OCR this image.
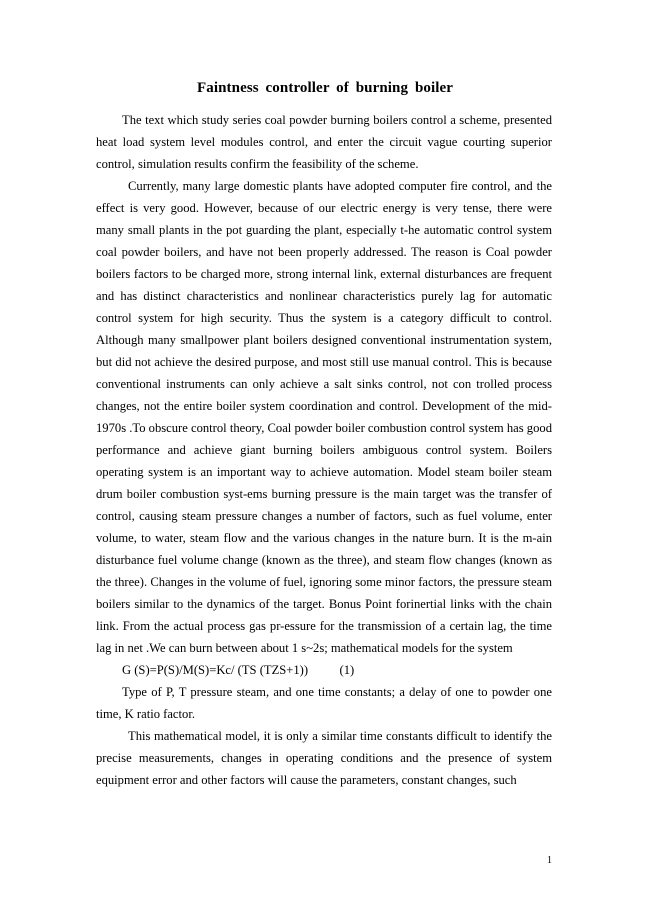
Faintness controller of burning boiler

The text which study series coal powder burning boilers control a scheme, presented heat load system level modules control, and enter the circuit vague courting superior control, simulation results confirm the feasibility of the scheme.

Currently, many large domestic plants have adopted computer fire control, and the effect is very good. However, because of our electric energy is very tense, there were many small plants in the pot guarding the plant, especially t-he automatic control system coal powder boilers, and have not been properly addressed. The reason is Coal powder boilers factors to be charged more, strong internal link, external disturbances are frequent and has distinct characteristics and nonlinear characteristics purely lag for automatic control system for high security. Thus the system is a category difficult to control. Although many smallpower plant boilers designed conventional instrumentation system, but did not achieve the desired purpose, and most still use manual control. This is because conventional instruments can only achieve a salt sinks control, not con trolled process changes, not the entire boiler system coordination and control. Development of the mid-1970s .To obscure control theory, Coal powder boiler combustion control system has good performance and achieve giant burning boilers ambiguous control system. Boilers operating system is an important way to achieve automation. Model steam boiler steam drum boiler combustion syst-ems burning pressure is the main target was the transfer of control, causing steam pressure changes a number of factors, such as fuel volume, enter volume, to water, steam flow and the various changes in the nature burn. It is the m-ain disturbance fuel volume change (known as the three), and steam flow changes (known as the three). Changes in the volume of fuel, ignoring some minor factors, the pressure steam boilers similar to the dynamics of the target. Bonus Point forinertial links with the chain link. From the actual process gas pr-essure for the transmission of a certain lag, the time lag in net .We can burn between about 1 s~2s; mathematical models for the system

G (S)=P(S)/M(S)=Kc/ (TS (TZS+1))          (1)

Type of P, T pressure steam, and one time constants; a delay of one to powder one time, K ratio factor.

This mathematical model, it is only a similar time constants difficult to identify the precise measurements, changes in operating conditions and the presence of system equipment error and other factors will cause the parameters, constant changes, such

1
